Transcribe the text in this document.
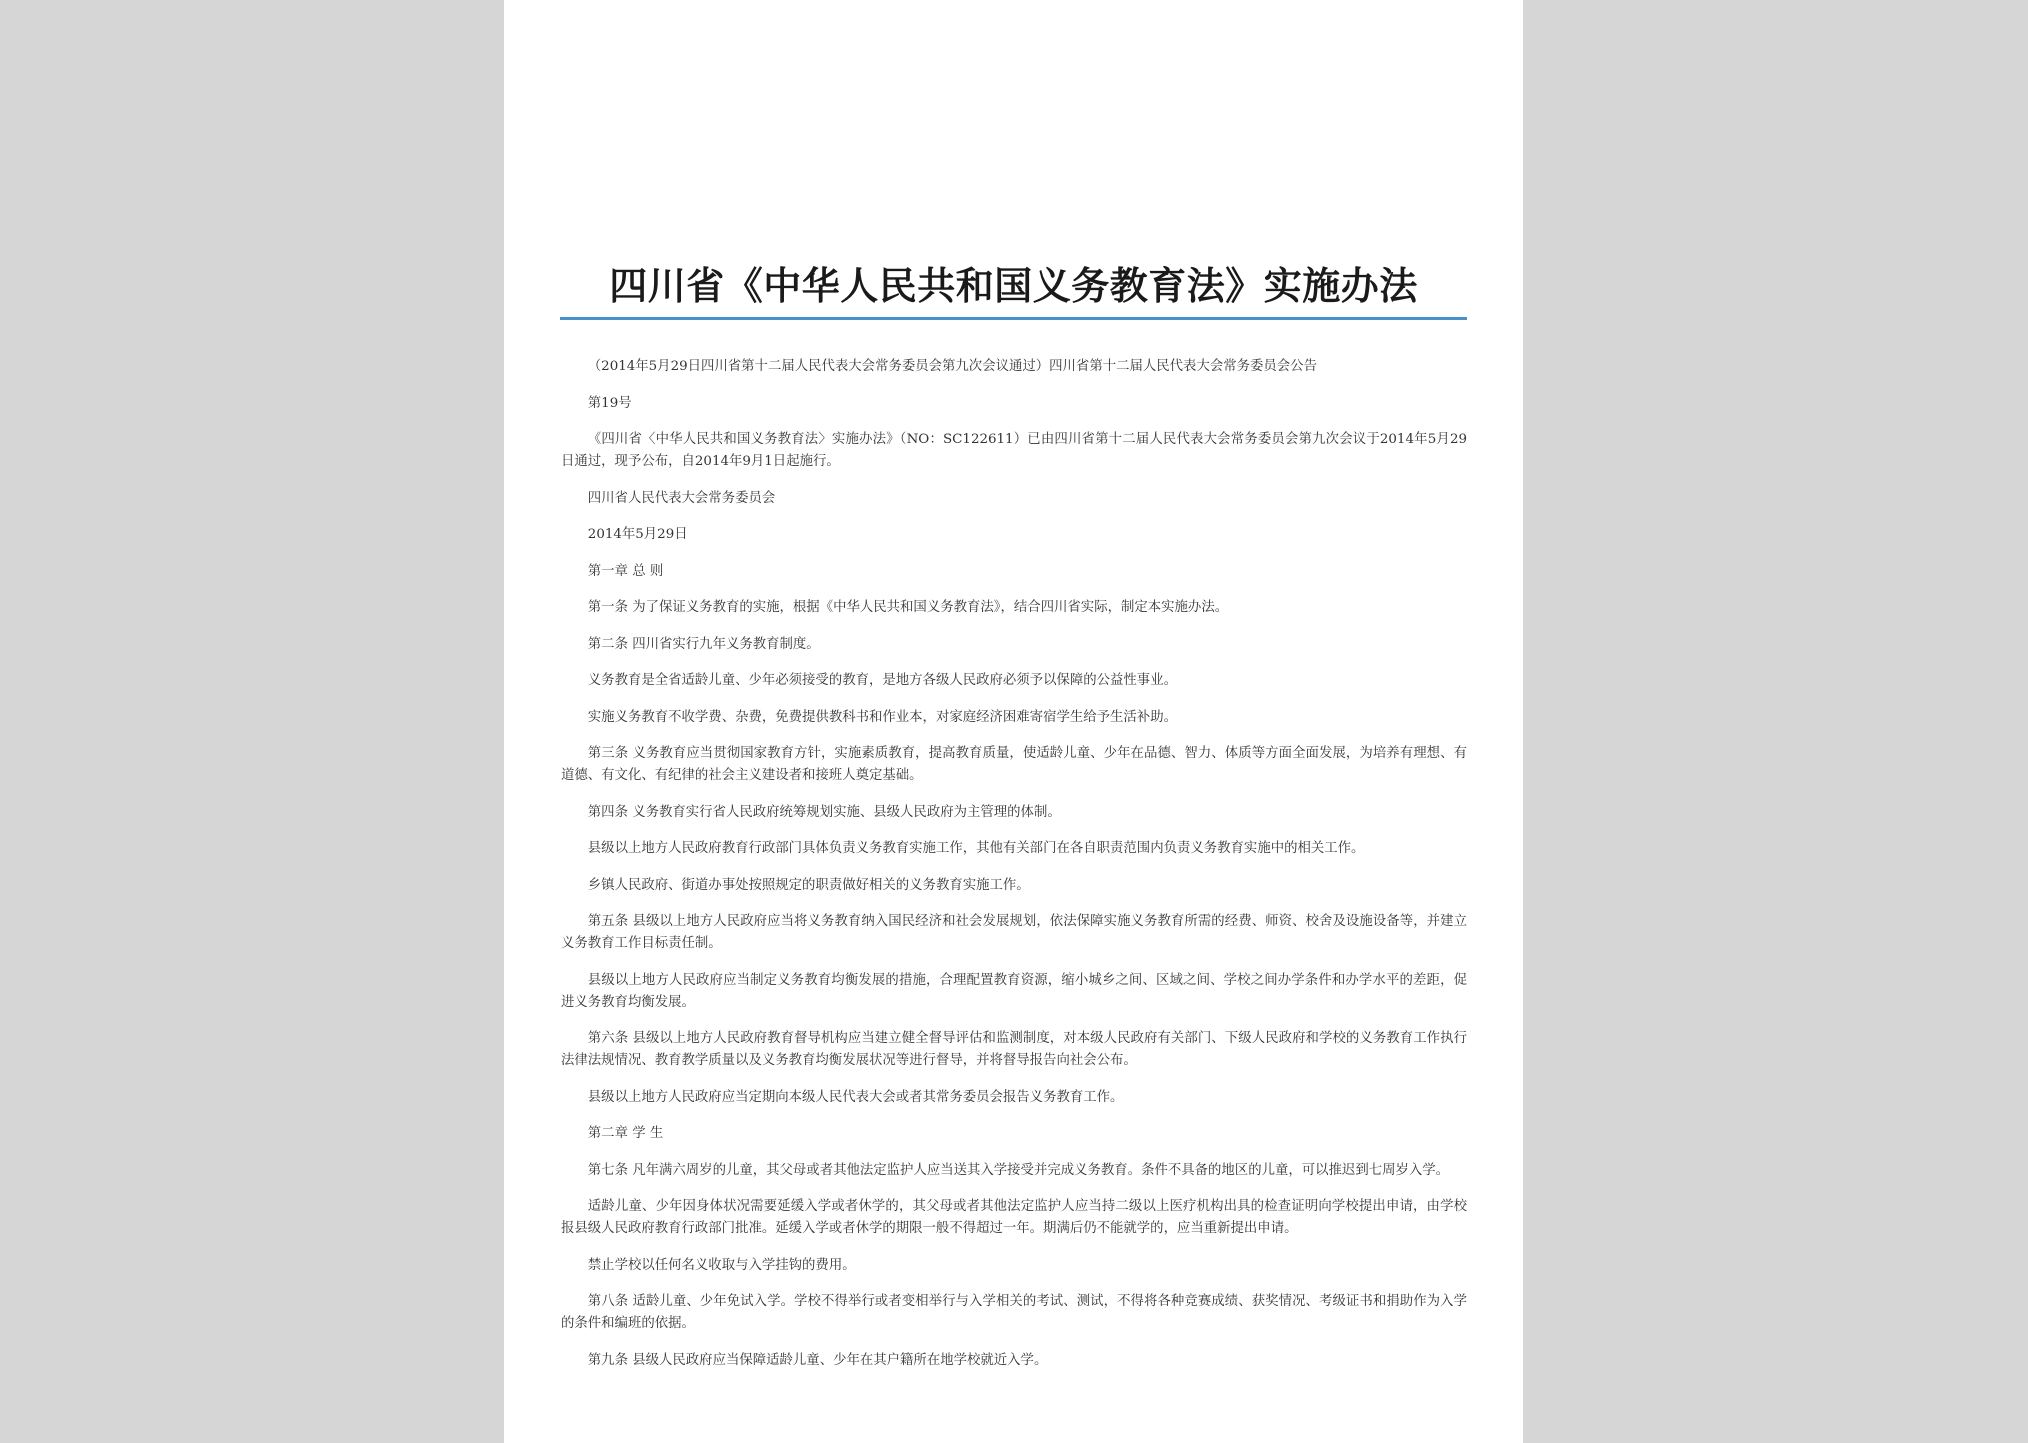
四川省《中华人民共和国义务教育法》实施办法

（2014年5月29日四川省第十二届人民代表大会常务委员会第九次会议通过）四川省第十二届人民代表大会常务委员会公告

第19号

《四川省〈中华人民共和国义务教育法〉实施办法》（NO：SC122611）已由四川省第十二届人民代表大会常务委员会第九次会议于2014年5月29日通过，现予公布，自2014年9月1日起施行。

四川省人民代表大会常务委员会

2014年5月29日

第一章 总 则

第一条 为了保证义务教育的实施，根据《中华人民共和国义务教育法》，结合四川省实际，制定本实施办法。

第二条 四川省实行九年义务教育制度。

义务教育是全省适龄儿童、少年必须接受的教育，是地方各级人民政府必须予以保障的公益性事业。

实施义务教育不收学费、杂费，免费提供教科书和作业本，对家庭经济困难寄宿学生给予生活补助。

第三条 义务教育应当贯彻国家教育方针，实施素质教育，提高教育质量，使适龄儿童、少年在品德、智力、体质等方面全面发展，为培养有理想、有道德、有文化、有纪律的社会主义建设者和接班人奠定基础。

第四条 义务教育实行省人民政府统筹规划实施、县级人民政府为主管理的体制。

县级以上地方人民政府教育行政部门具体负责义务教育实施工作，其他有关部门在各自职责范围内负责义务教育实施中的相关工作。

乡镇人民政府、街道办事处按照规定的职责做好相关的义务教育实施工作。

第五条 县级以上地方人民政府应当将义务教育纳入国民经济和社会发展规划，依法保障实施义务教育所需的经费、师资、校舍及设施设备等，并建立义务教育工作目标责任制。

县级以上地方人民政府应当制定义务教育均衡发展的措施，合理配置教育资源，缩小城乡之间、区域之间、学校之间办学条件和办学水平的差距，促进义务教育均衡发展。

第六条 县级以上地方人民政府教育督导机构应当建立健全督导评估和监测制度，对本级人民政府有关部门、下级人民政府和学校的义务教育工作执行法律法规情况、教育教学质量以及义务教育均衡发展状况等进行督导，并将督导报告向社会公布。

县级以上地方人民政府应当定期向本级人民代表大会或者其常务委员会报告义务教育工作。

第二章 学 生

第七条 凡年满六周岁的儿童，其父母或者其他法定监护人应当送其入学接受并完成义务教育。条件不具备的地区的儿童，可以推迟到七周岁入学。

适龄儿童、少年因身体状况需要延缓入学或者休学的，其父母或者其他法定监护人应当持二级以上医疗机构出具的检查证明向学校提出申请，由学校报县级人民政府教育行政部门批准。延缓入学或者休学的期限一般不得超过一年。期满后仍不能就学的，应当重新提出申请。

禁止学校以任何名义收取与入学挂钩的费用。

第八条 适龄儿童、少年免试入学。学校不得举行或者变相举行与入学相关的考试、测试，不得将各种竞赛成绩、获奖情况、考级证书和捐助作为入学的条件和编班的依据。

第九条 县级人民政府应当保障适龄儿童、少年在其户籍所在地学校就近入学。
